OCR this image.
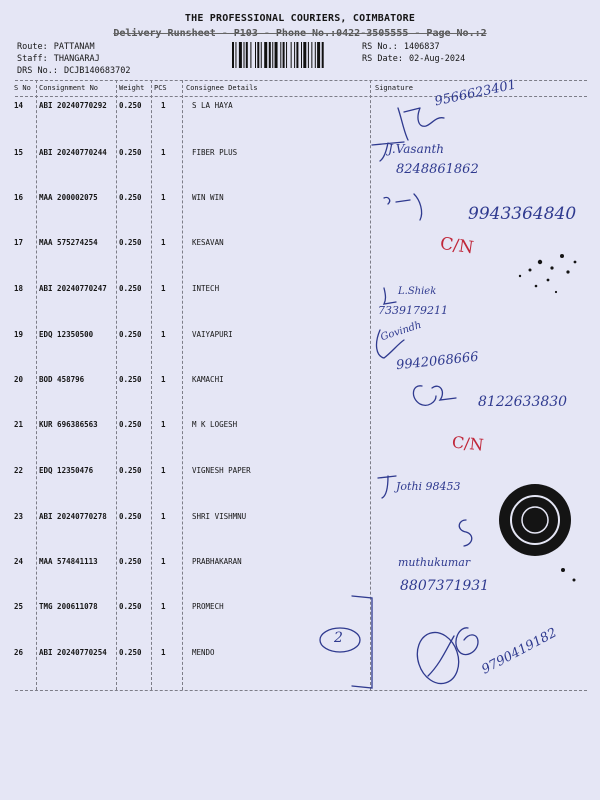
THE PROFESSIONAL COURIERS, COIMBATORE
Delivery Runsheet - P103 - Phone No.:0422-3505555 - Page No.:2
Route: PATTANAM
Staff: THANGARAJ
DRS No.: DCJB140683702
RS No.: 1406837
RS Date: 02-Aug-2024
S No Consignment No	Weight PCS	Consignee Details	Signature
14 ABI 20240770292 0.250	1	S LA HAYA
15 ABI 20240770244 0.250	1	FIBER PLUS
16 MAA 200002075	0.250	1	WIN WIN
17 MAA 575274254	0.250	1	KESAVAN
18 ABI 20240770247 0.250	1	INTECH
19 EDQ 12350500	0.250	1	VAIYAPURI
20 BOD 458796	0.250	1	KAMACHI
21 KUR 696386563	0.250	1	M K LOGESH
22 EDQ 12350476	0.250	1	VIGNESH PAPER
23 ABI 20240770278 0.250	1	SHRI VISHMNU
24 MAA 574841113	0.250	1	PRABHAKARAN
25 TMG 200611078	0.250	1	PROMECH
26 ABI 20240770254 0.250	1	MENDO
9566623401
J.Vasanth
8248861862
9943364840
C/N
L.Shiek
7339179211
Govindh
9942068666
8122633830
C/N
Jothi 98453
muthukumar
8807371931
2	9790419182
